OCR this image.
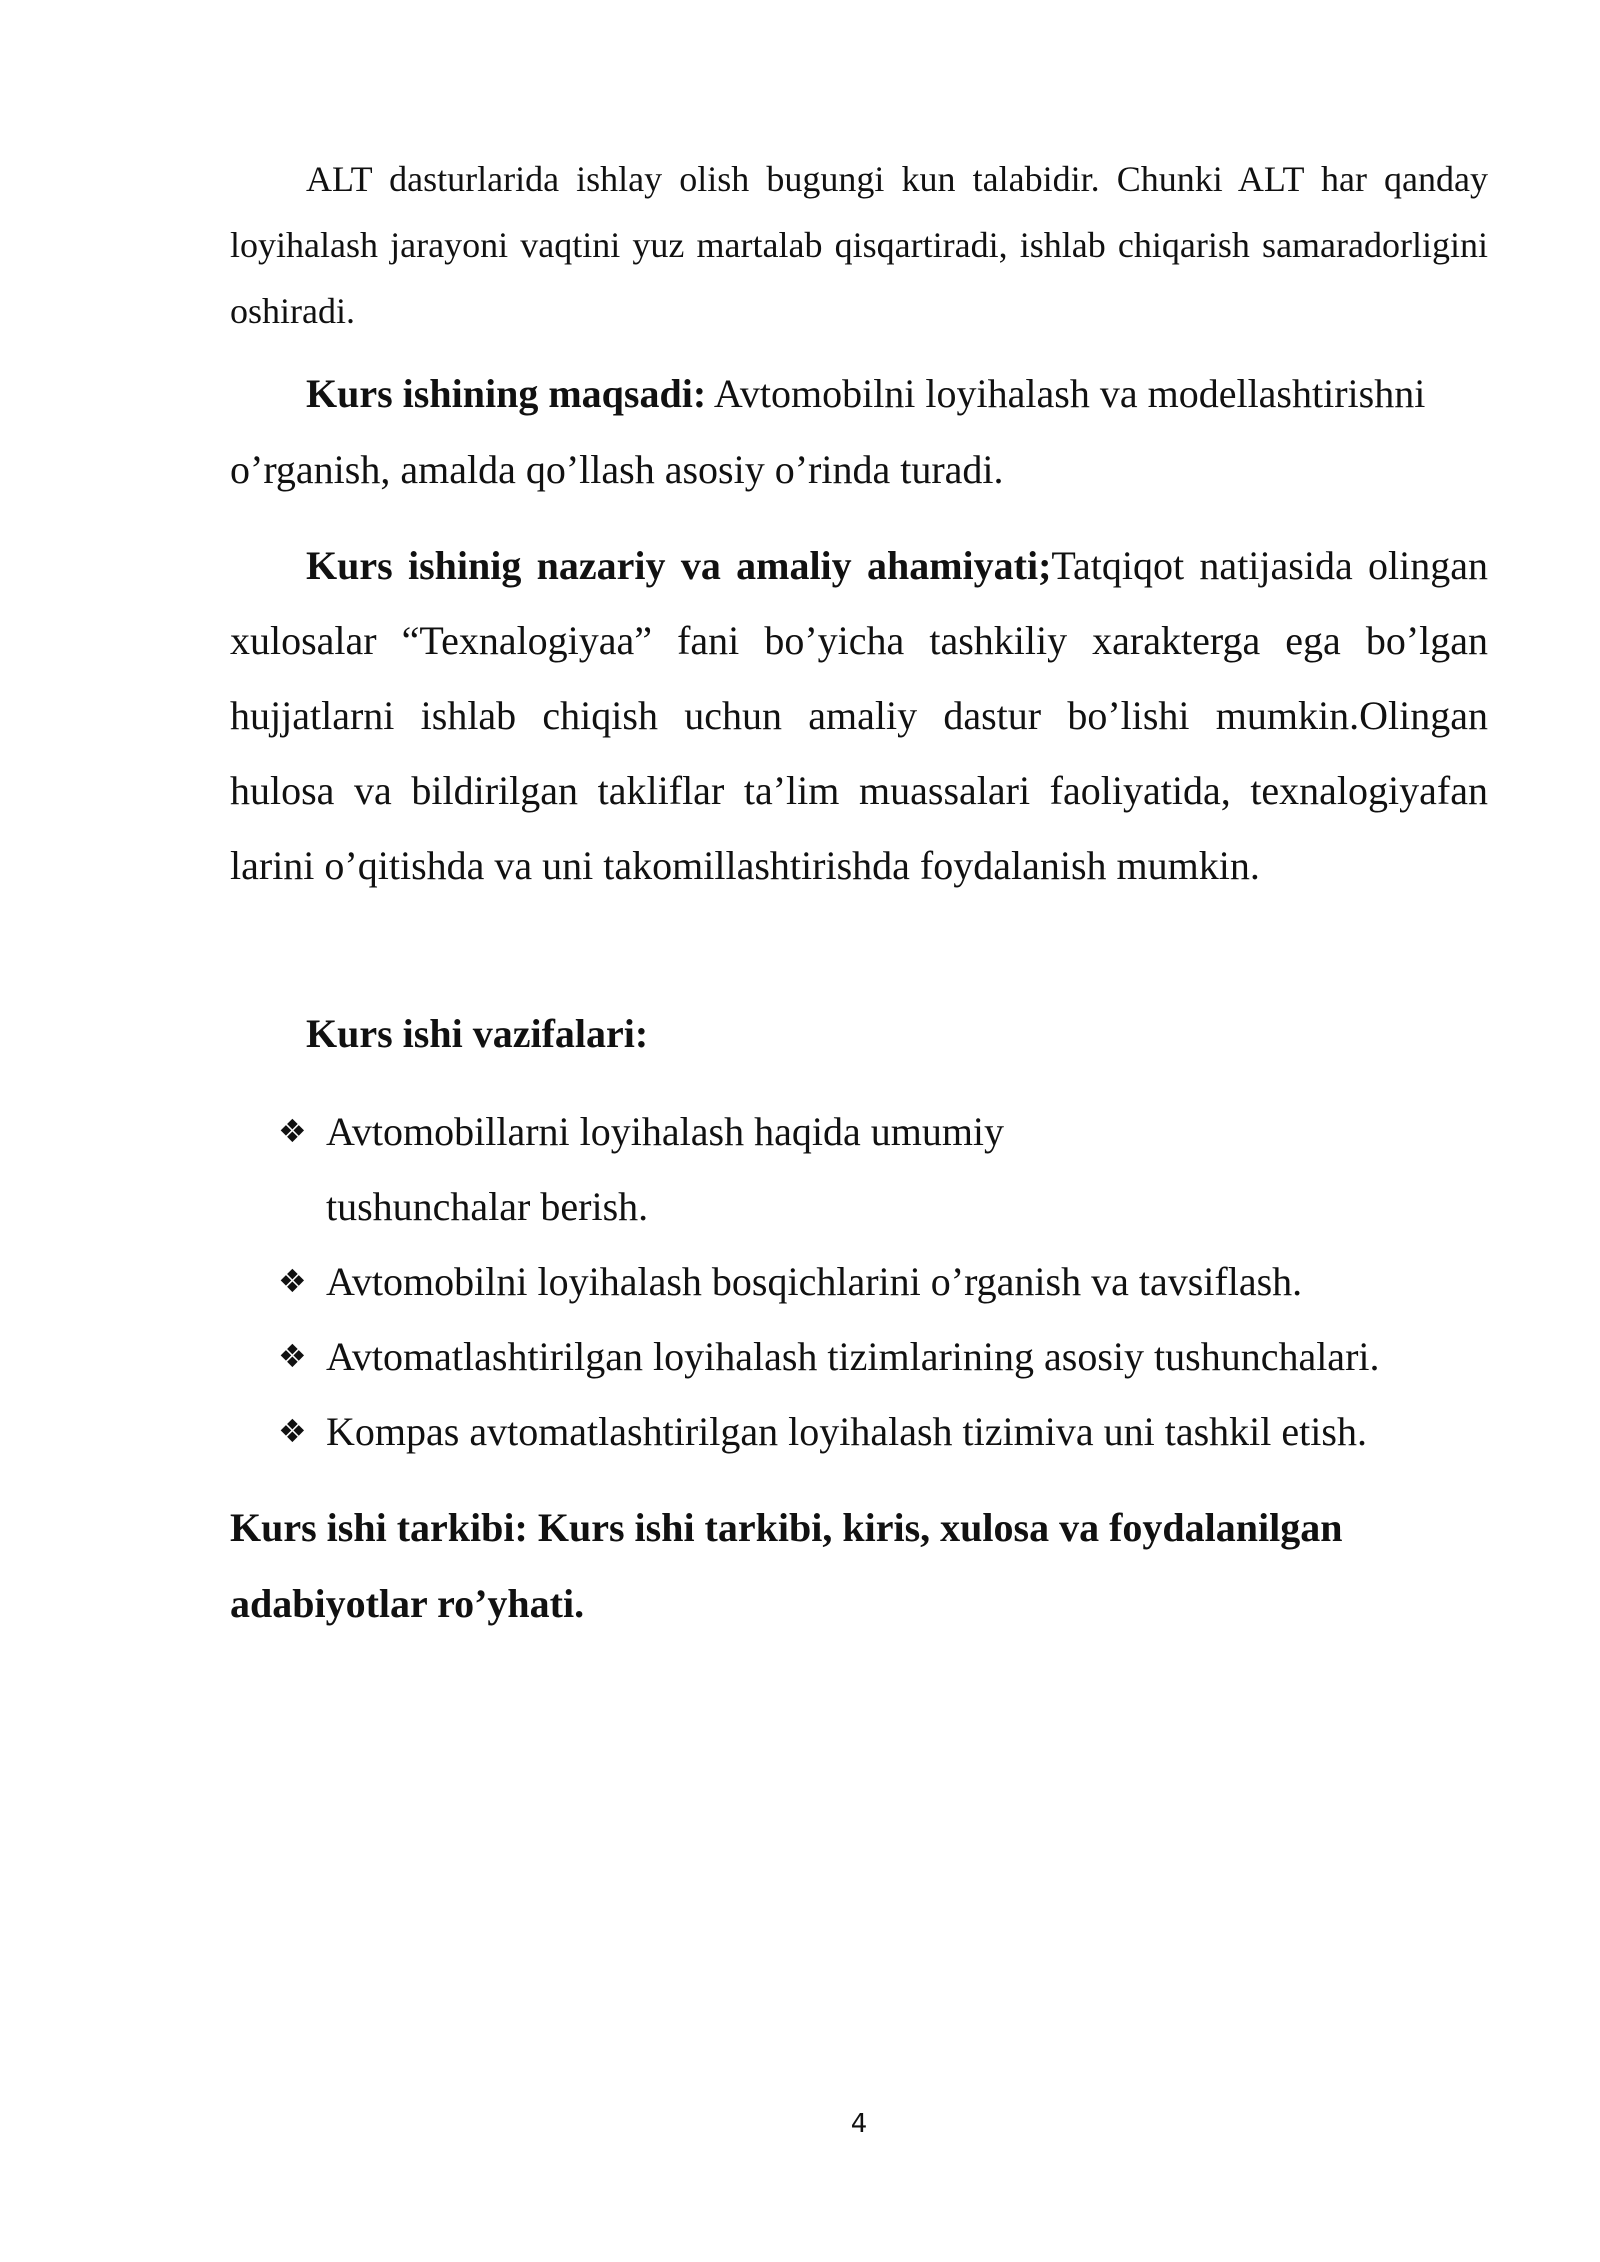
ALT dasturlarida ishlay olish bugungi kun talabidir. Chunki ALT har qanday loyihalash jarayoni vaqtini yuz martalab qisqartiradi, ishlab chiqarish samaradorligini oshiradi.

Kurs ishining maqsadi: Avtomobilni loyihalash va modellashtirishni o’rganish, amalda qo’llash asosiy o’rinda turadi.

Kurs ishinig nazariy va amaliy ahamiyati;Tatqiqot natijasida olingan xulosalar “Texnalogiyaa” fani bo’yicha tashkiliy xarakterga ega bo’lgan hujjatlarni ishlab chiqish uchun amaliy dastur bo’lishi mumkin.Olingan hulosa va bildirilgan takliflar ta’lim muassalari faoliyatida, texnalogiyafan larini o’qitishda va uni takomillashtirishda foydalanish mumkin.

Kurs ishi vazifalari:

❖ Avtomobillarni loyihalash haqida umumiy tushunchalar berish.
❖ Avtomobilni loyihalash bosqichlarini o’rganish va tavsiflash.
❖ Avtomatlashtirilgan loyihalash tizimlarining asosiy tushunchalari.
❖ Kompas avtomatlashtirilgan loyihalash tizimiva uni tashkil etish.

Kurs ishi tarkibi: Kurs ishi tarkibi, kiris, xulosa va foydalanilgan adabiyotlar ro’yhati.

4
